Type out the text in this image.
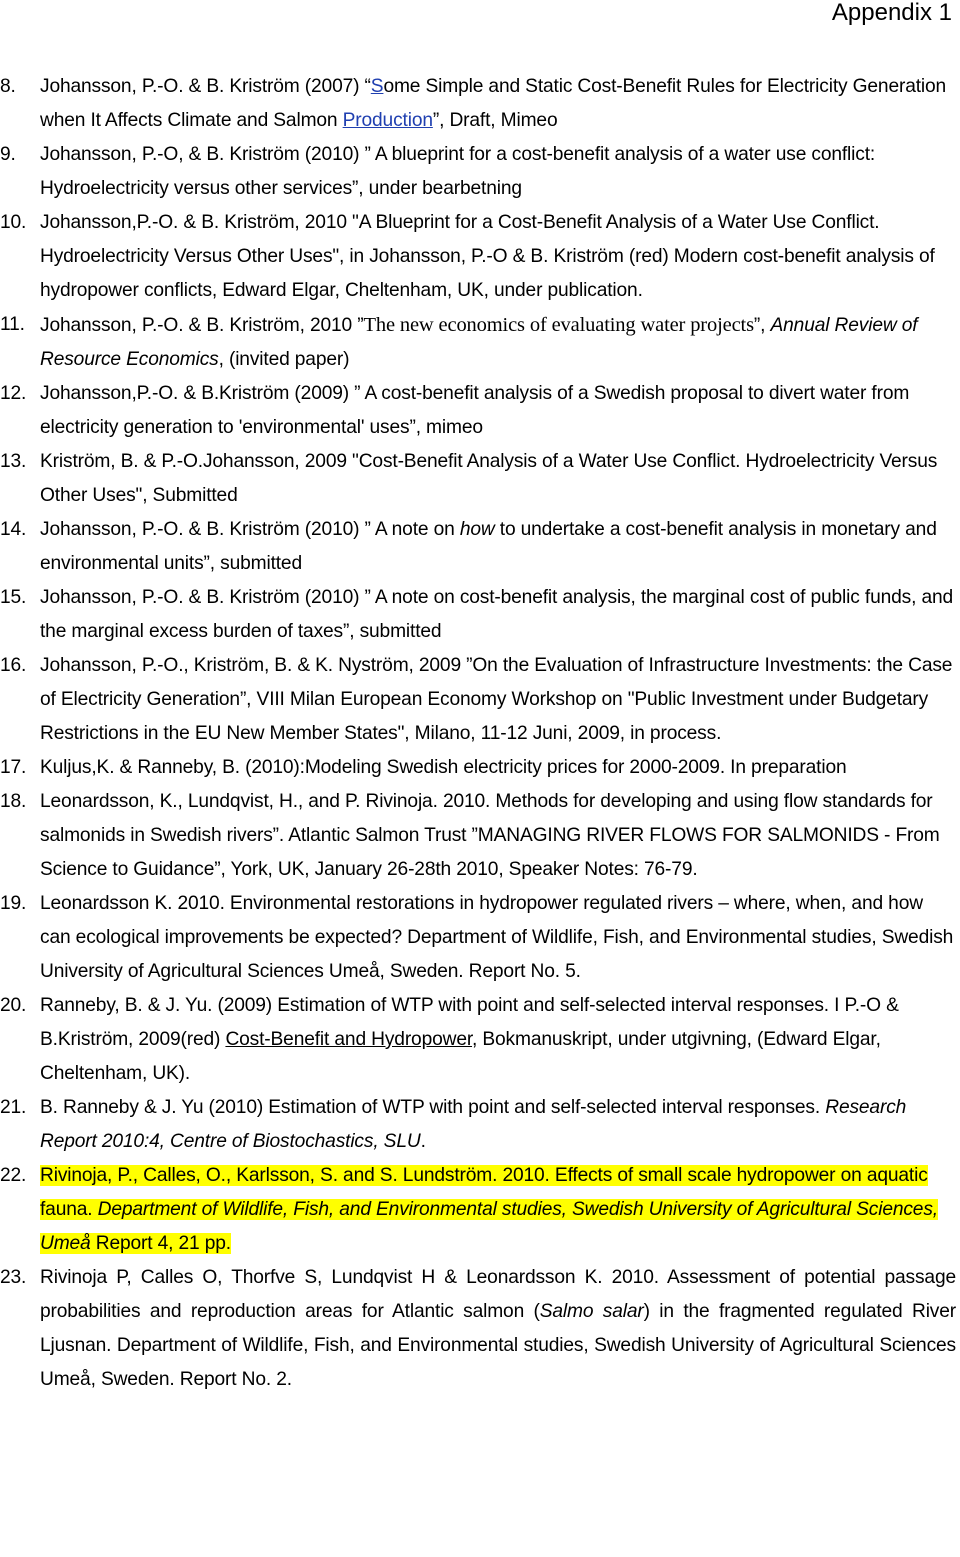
Appendix 1
8.	Johansson, P.-O. & B. Kriström (2007) “Some Simple and Static Cost-Benefit Rules for Electricity Generation when It Affects Climate and Salmon Production”, Draft, Mimeo
9.	Johansson, P.-O, & B. Kriström (2010) ” A blueprint for a cost-benefit analysis of a water use conflict: Hydroelectricity versus other services”, under bearbetning
10. Johansson,P.-O. & B. Kriström, 2010 "A Blueprint for a Cost-Benefit Analysis of a Water Use Conflict. Hydroelectricity Versus Other Uses", in Johansson, P.-O & B. Kriström (red) Modern cost-benefit analysis of hydropower conflicts, Edward Elgar, Cheltenham, UK, under publication.
11. Johansson, P.-O. & B. Kriström, 2010 ”The new economics of evaluating water projects”, Annual Review of Resource Economics, (invited paper)
12. Johansson,P.-O. & B.Kriström (2009) ” A cost-benefit analysis of a Swedish proposal to divert water from electricity generation to 'environmental' uses”, mimeo
13. Kriström, B. & P.-O.Johansson, 2009 "Cost-Benefit Analysis of a Water Use Conflict. Hydroelectricity Versus Other Uses", Submitted
14. Johansson, P.-O. & B. Kriström (2010) ” A note on how to undertake a cost-benefit analysis in monetary and environmental units”, submitted
15. Johansson, P.-O. & B. Kriström (2010) ” A note on cost-benefit analysis, the marginal cost of public funds, and the marginal excess burden of taxes”, submitted
16. Johansson, P.-O., Kriström, B. & K. Nyström, 2009 ”On the Evaluation of Infrastructure Investments: the Case of Electricity Generation”, VIII Milan European Economy Workshop on "Public Investment under Budgetary Restrictions in the EU New Member States", Milano, 11-12 Juni, 2009, in process.
17. Kuljus,K. & Ranneby, B. (2010):Modeling Swedish electricity prices for 2000-2009. In preparation
18. Leonardsson, K., Lundqvist, H., and P. Rivinoja. 2010. Methods for developing and using flow standards for salmonids in Swedish rivers”. Atlantic Salmon Trust ”MANAGING RIVER FLOWS FOR SALMONIDS - From Science to Guidance”, York, UK, January 26-28th 2010, Speaker Notes: 76-79.
19. Leonardsson K. 2010. Environmental restorations in hydropower regulated rivers – where, when, and how can ecological improvements be expected? Department of Wildlife, Fish, and Environmental studies, Swedish University of Agricultural Sciences Umeå, Sweden. Report No. 5.
20. Ranneby, B. & J. Yu. (2009) Estimation of WTP with point and self-selected interval responses. I P.-O & B.Kriström, 2009(red) Cost-Benefit and Hydropower, Bokmanuskript, under utgivning, (Edward Elgar, Cheltenham, UK).
21. B. Ranneby & J. Yu (2010) Estimation of WTP with point and self-selected interval responses. Research Report 2010:4, Centre of Biostochastics, SLU.
22. Rivinoja, P., Calles, O., Karlsson, S. and S. Lundström. 2010. Effects of small scale hydropower on aquatic fauna. Department of Wildlife, Fish, and Environmental studies, Swedish University of Agricultural Sciences, Umeå Report 4, 21 pp.
23. Rivinoja P, Calles O, Thorfve S, Lundqvist H & Leonardsson K. 2010. Assessment of potential passage probabilities and reproduction areas for Atlantic salmon (Salmo salar) in the fragmented regulated River Ljusnan. Department of Wildlife, Fish, and Environmental studies, Swedish University of Agricultural Sciences Umeå, Sweden. Report No. 2.
